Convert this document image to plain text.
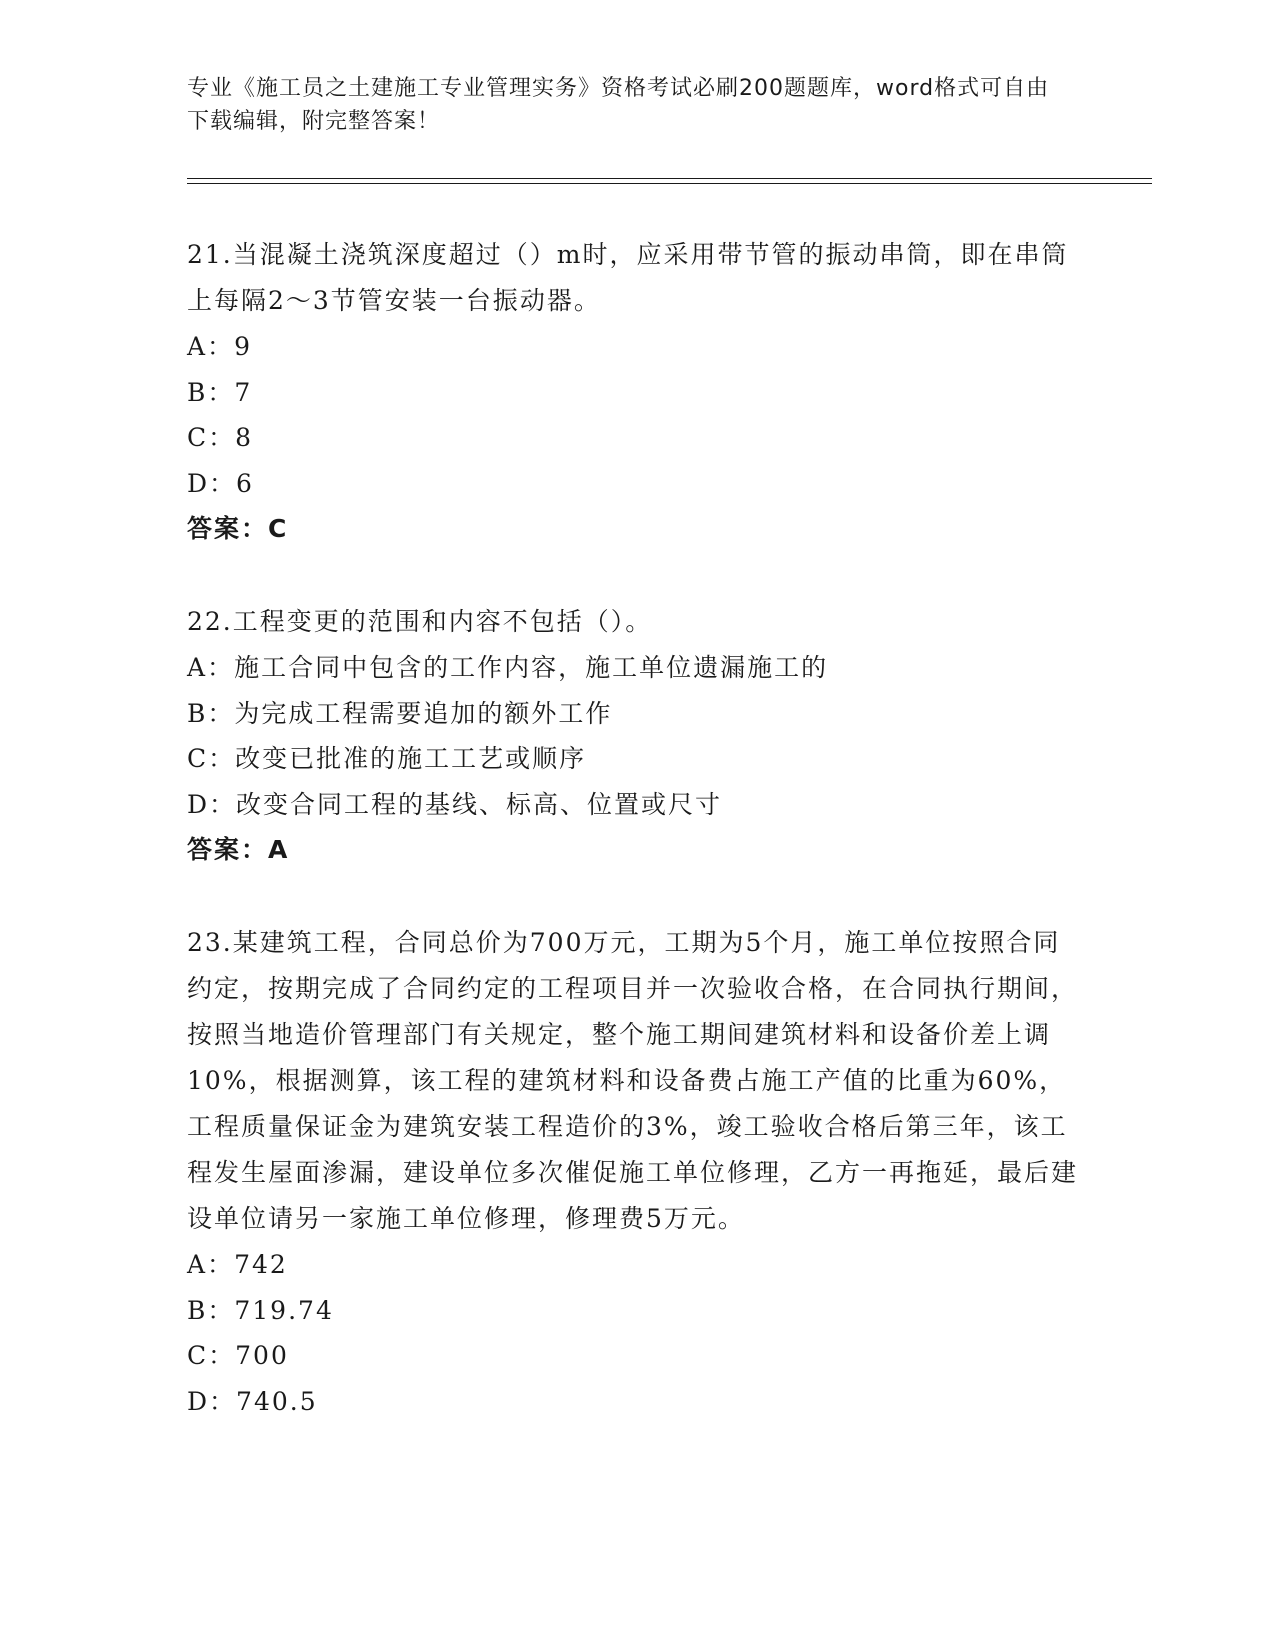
专业《施工员之土建施工专业管理实务》资格考试必刷200题题库，word格式可自由下载编辑，附完整答案！

21.当混凝土浇筑深度超过（）m时，应采用带节管的振动串筒，即在串筒上每隔2～3节管安装一台振动器。

A：9

B：7

C：8

D：6

答案：C

22.工程变更的范围和内容不包括（）。

A：施工合同中包含的工作内容，施工单位遗漏施工的

B：为完成工程需要追加的额外工作

C：改变已批准的施工工艺或顺序

D：改变合同工程的基线、标高、位置或尺寸

答案：A

23.某建筑工程，合同总价为700万元，工期为5个月，施工单位按照合同约定，按期完成了合同约定的工程项目并一次验收合格，在合同执行期间，按照当地造价管理部门有关规定，整个施工期间建筑材料和设备价差上调10%，根据测算，该工程的建筑材料和设备费占施工产值的比重为60%，工程质量保证金为建筑安装工程造价的3%，竣工验收合格后第三年，该工程发生屋面渗漏，建设单位多次催促施工单位修理，乙方一再拖延，最后建设单位请另一家施工单位修理，修理费5万元。

A：742

B：719.74

C：700

D：740.5
